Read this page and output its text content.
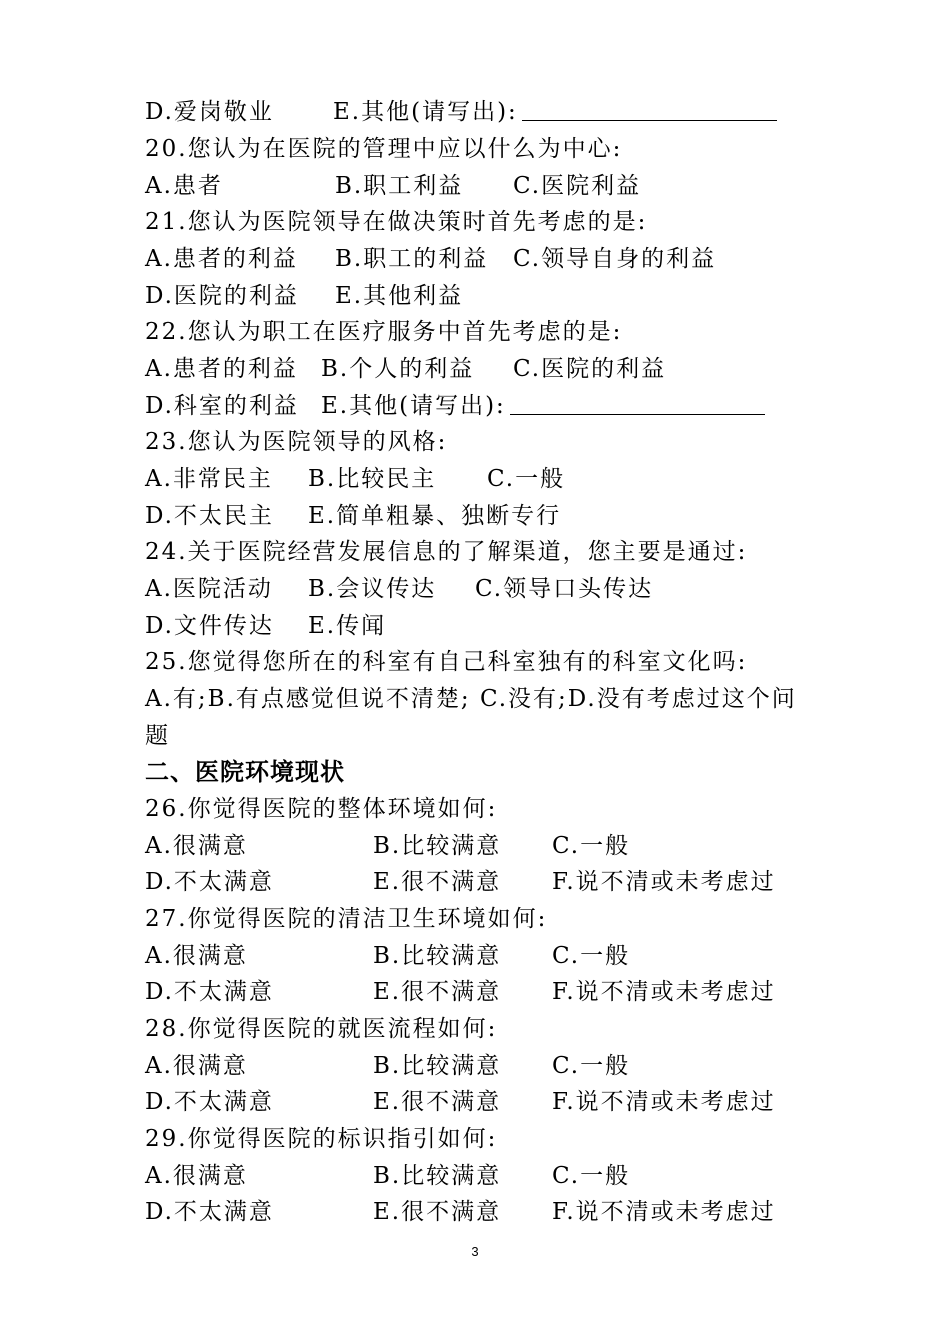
D.爱岗敬业	E.其他(请写出):
20.您认为在医院的管理中应以什么为中心:
A.患者	B.职工利益 C.医院利益
21.您认为医院领导在做决策时首先考虑的是:
A.患者的利益 B.职工的利益 C.领导自身的利益
D.医院的利益 E.其他利益
22.您认为职工在医疗服务中首先考虑的是:
A.患者的利益 B.个人的利益 C.医院的利益
D.科室的利益 E.其他(请写出):
23.您认为医院领导的风格:
A.非常民主 B.比较民主 C.一般
D.不太民主 E.简单粗暴、独断专行
24.关于医院经营发展信息的了解渠道，您主要是通过:
A.医院活动 B.会议传达 C.领导口头传达
D.文件传达 E.传闻
25.您觉得您所在的科室有自己科室独有的科室文化吗:
A.有;B.有点感觉但说不清楚; C.没有;D.没有考虑过这个问
题
二、医院环境现状
26.你觉得医院的整体环境如何:
A.很满意	B.比较满意 C.一般
D.不太满意	E.很不满意 F.说不清或未考虑过
27.你觉得医院的清洁卫生环境如何:
A.很满意	B.比较满意 C.一般
D.不太满意	E.很不满意 F.说不清或未考虑过
28.你觉得医院的就医流程如何:
A.很满意	B.比较满意 C.一般
D.不太满意	E.很不满意 F.说不清或未考虑过
29.你觉得医院的标识指引如何:
A.很满意	B.比较满意 C.一般
D.不太满意	E.很不满意 F.说不清或未考虑过
3
